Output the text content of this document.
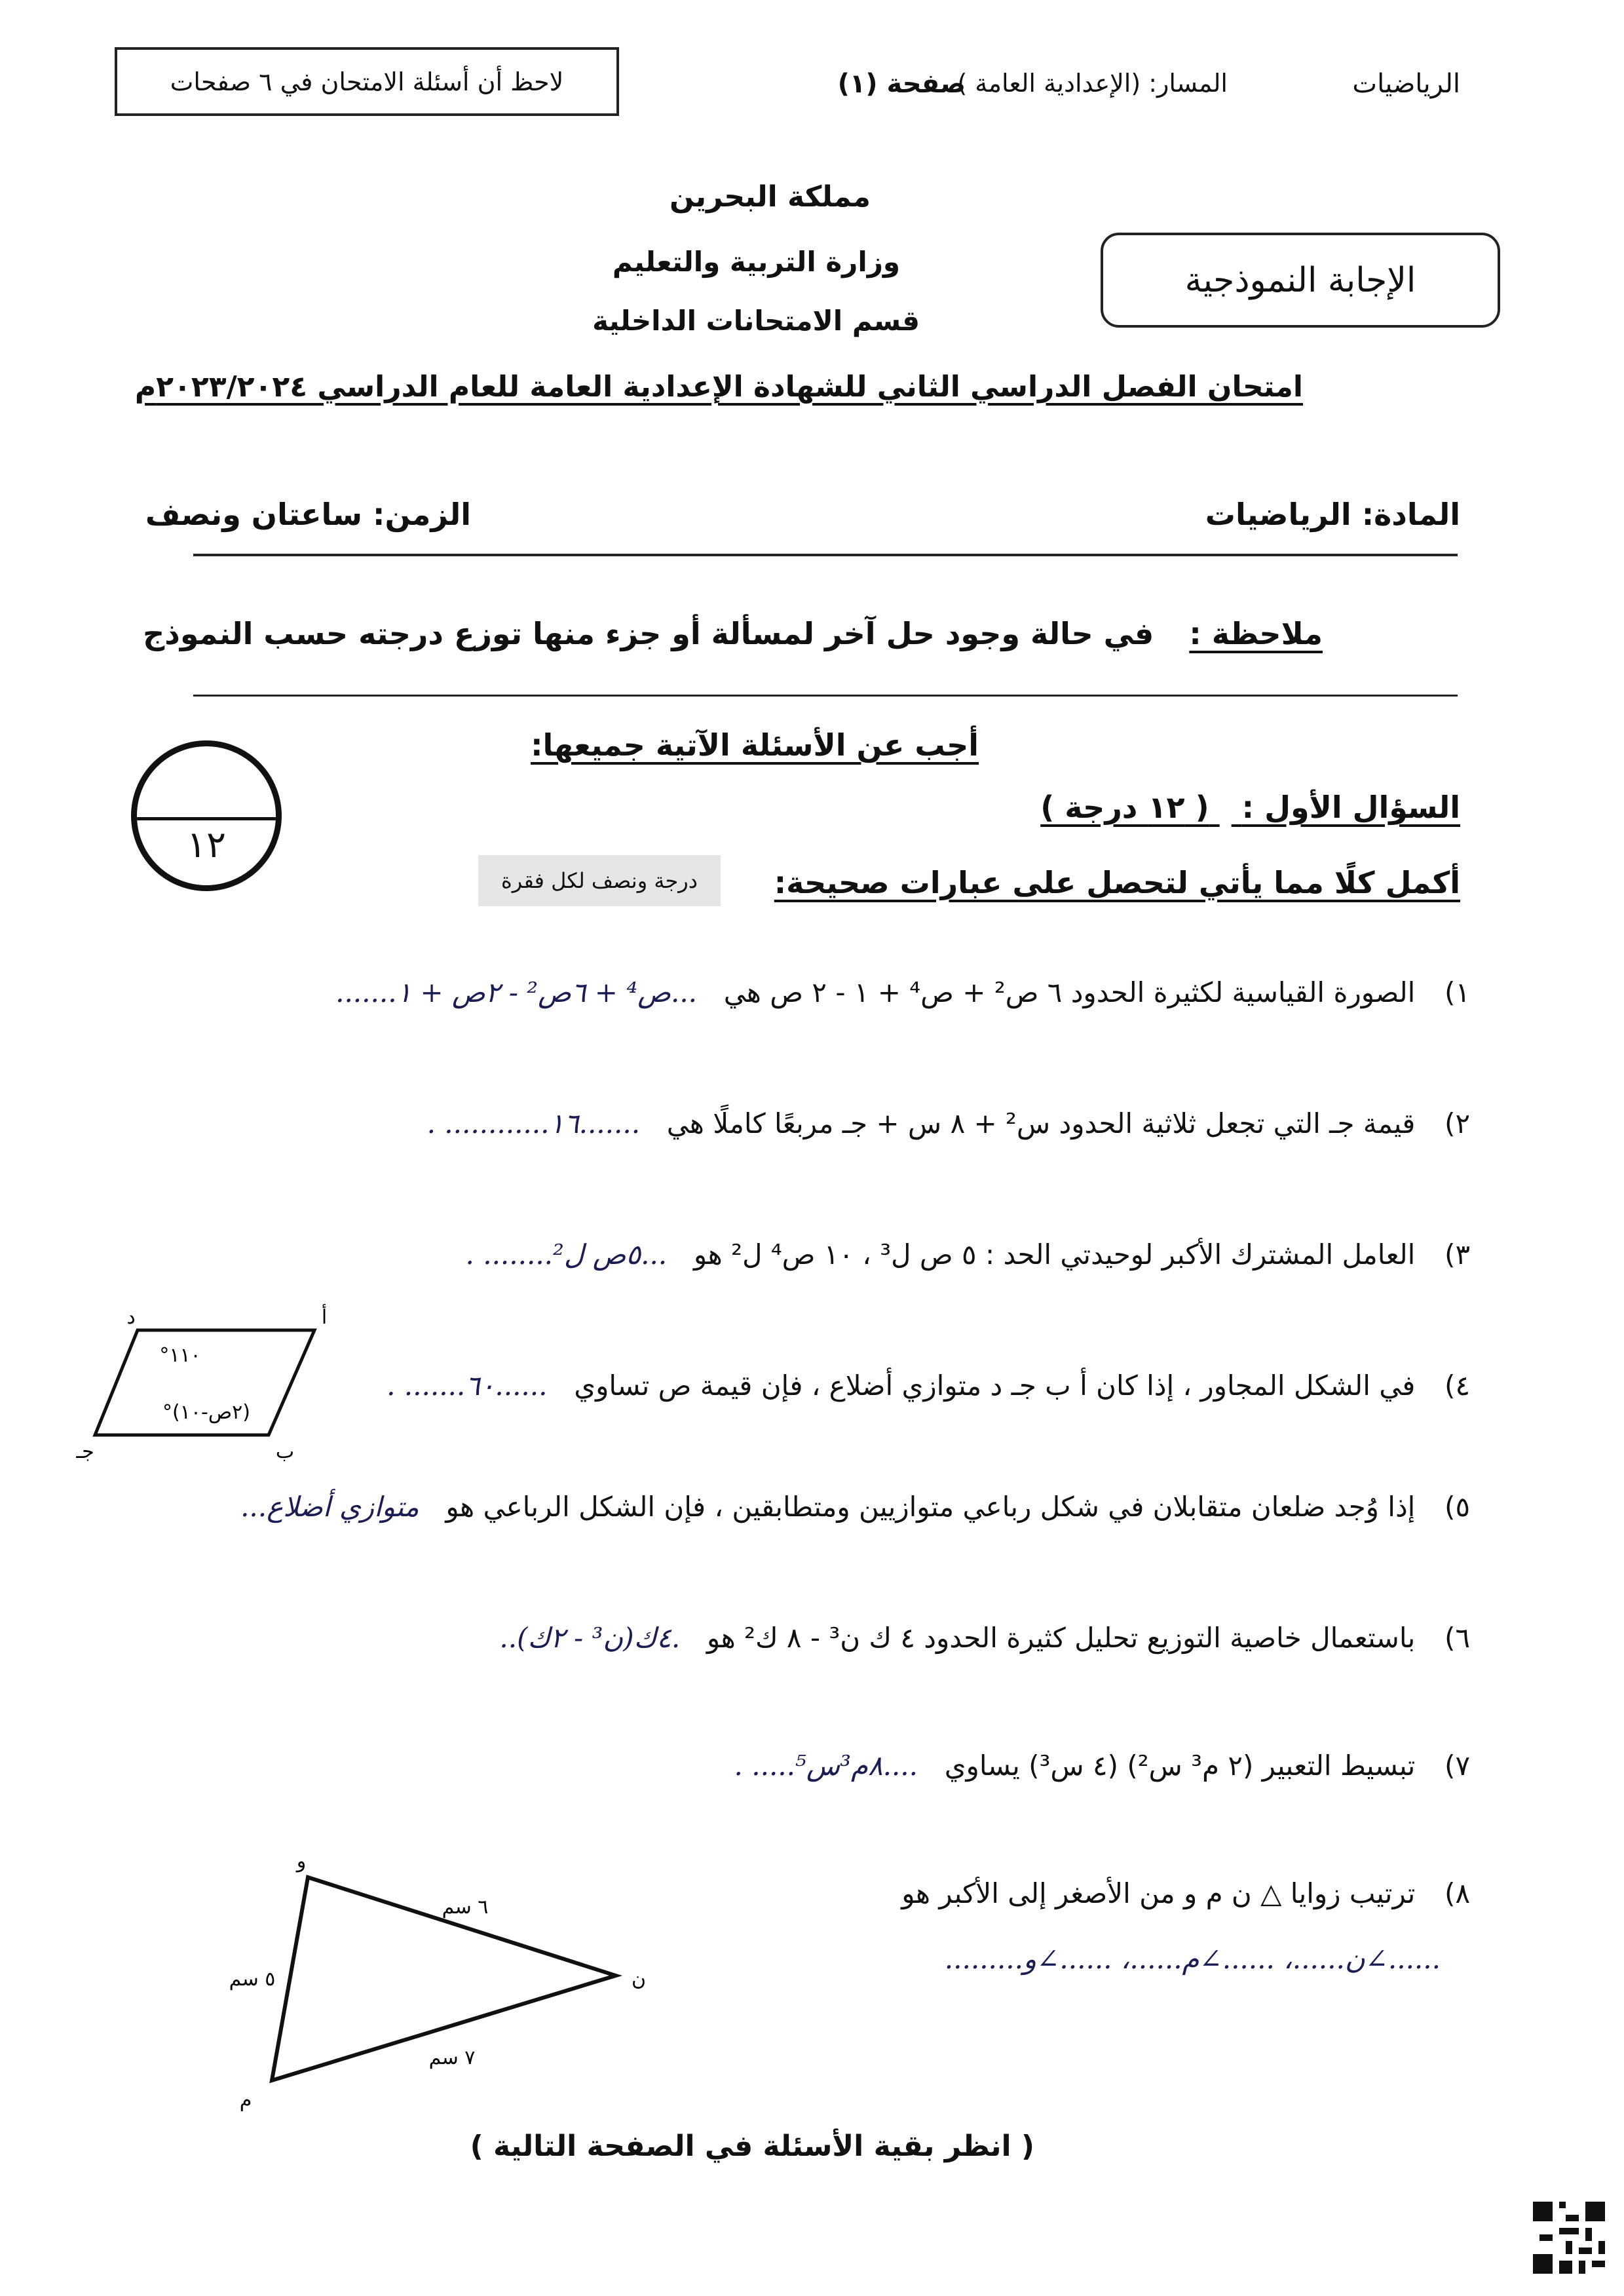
الرياضيات
المسار: (الإعدادية العامة )
صفحة (١)
لاحظ أن أسئلة الامتحان في ٦ صفحات
مملكة البحرين
وزارة التربية والتعليم
قسم الامتحانات الداخلية
الإجابة النموذجية
امتحان الفصل الدراسي الثاني للشهادة الإعدادية العامة للعام الدراسي ٢٠٢٣/٢٠٢٤م
المادة: الرياضيات
الزمن: ساعتان ونصف
ملاحظة :  في حالة وجود حل آخر لمسألة أو جزء منها توزع درجته حسب النموذج
أجب عن الأسئلة الآتية جميعها:
١٢
السؤال الأول :  ( ١٢ درجة )
أكمل كلًا مما يأتي لتحصل على عبارات صحيحة:
درجة ونصف لكل فقرة
١)  الصورة القياسية لكثيرة الحدود ٦ ص² + ص⁴ + ١ - ٢ ص هي  ...ص⁴ + ٦ص² - ٢ص + ١.......
٢)  قيمة جـ التي تجعل ثلاثية الحدود س² + ٨ س + جـ مربعًا كاملًا هي  .......١٦............ .
٣)  العامل المشترك الأكبر لوحيدتي الحد : ٥ ص ل³ ، ١٠ ص⁴ ل² هو  ...٥ص ل²........ .
٤)  في الشكل المجاور ، إذا كان أ ب جـ د متوازي أضلاع ، فإن قيمة ص تساوي  ......٦٠....... .
د	أ
ب
جـ
١١٠°
(٢ص-١٠)°
٥)  إذا وُجد ضلعان متقابلان في شكل رباعي متوازيين ومتطابقين ، فإن الشكل الرباعي هو  متوازي أضلاع...
٦)  باستعمال خاصية التوزيع تحليل كثيرة الحدود ٤ ك ن³ - ٨ ك² هو  .٤ك(ن³ - ٢ك)..
٧)  تبسيط التعبير (٢ م³ س²) (٤ س³) يساوي  ....٨م³س⁵..... .
٨)  ترتيب زوايا △ ن م و من الأصغر إلى الأكبر هو
......∠ن......، ......∠م......، ......∠و.........
و
ن
م
٦ سم
٥ سم
٧ سم
( انظر بقية الأسئلة في الصفحة التالية )
